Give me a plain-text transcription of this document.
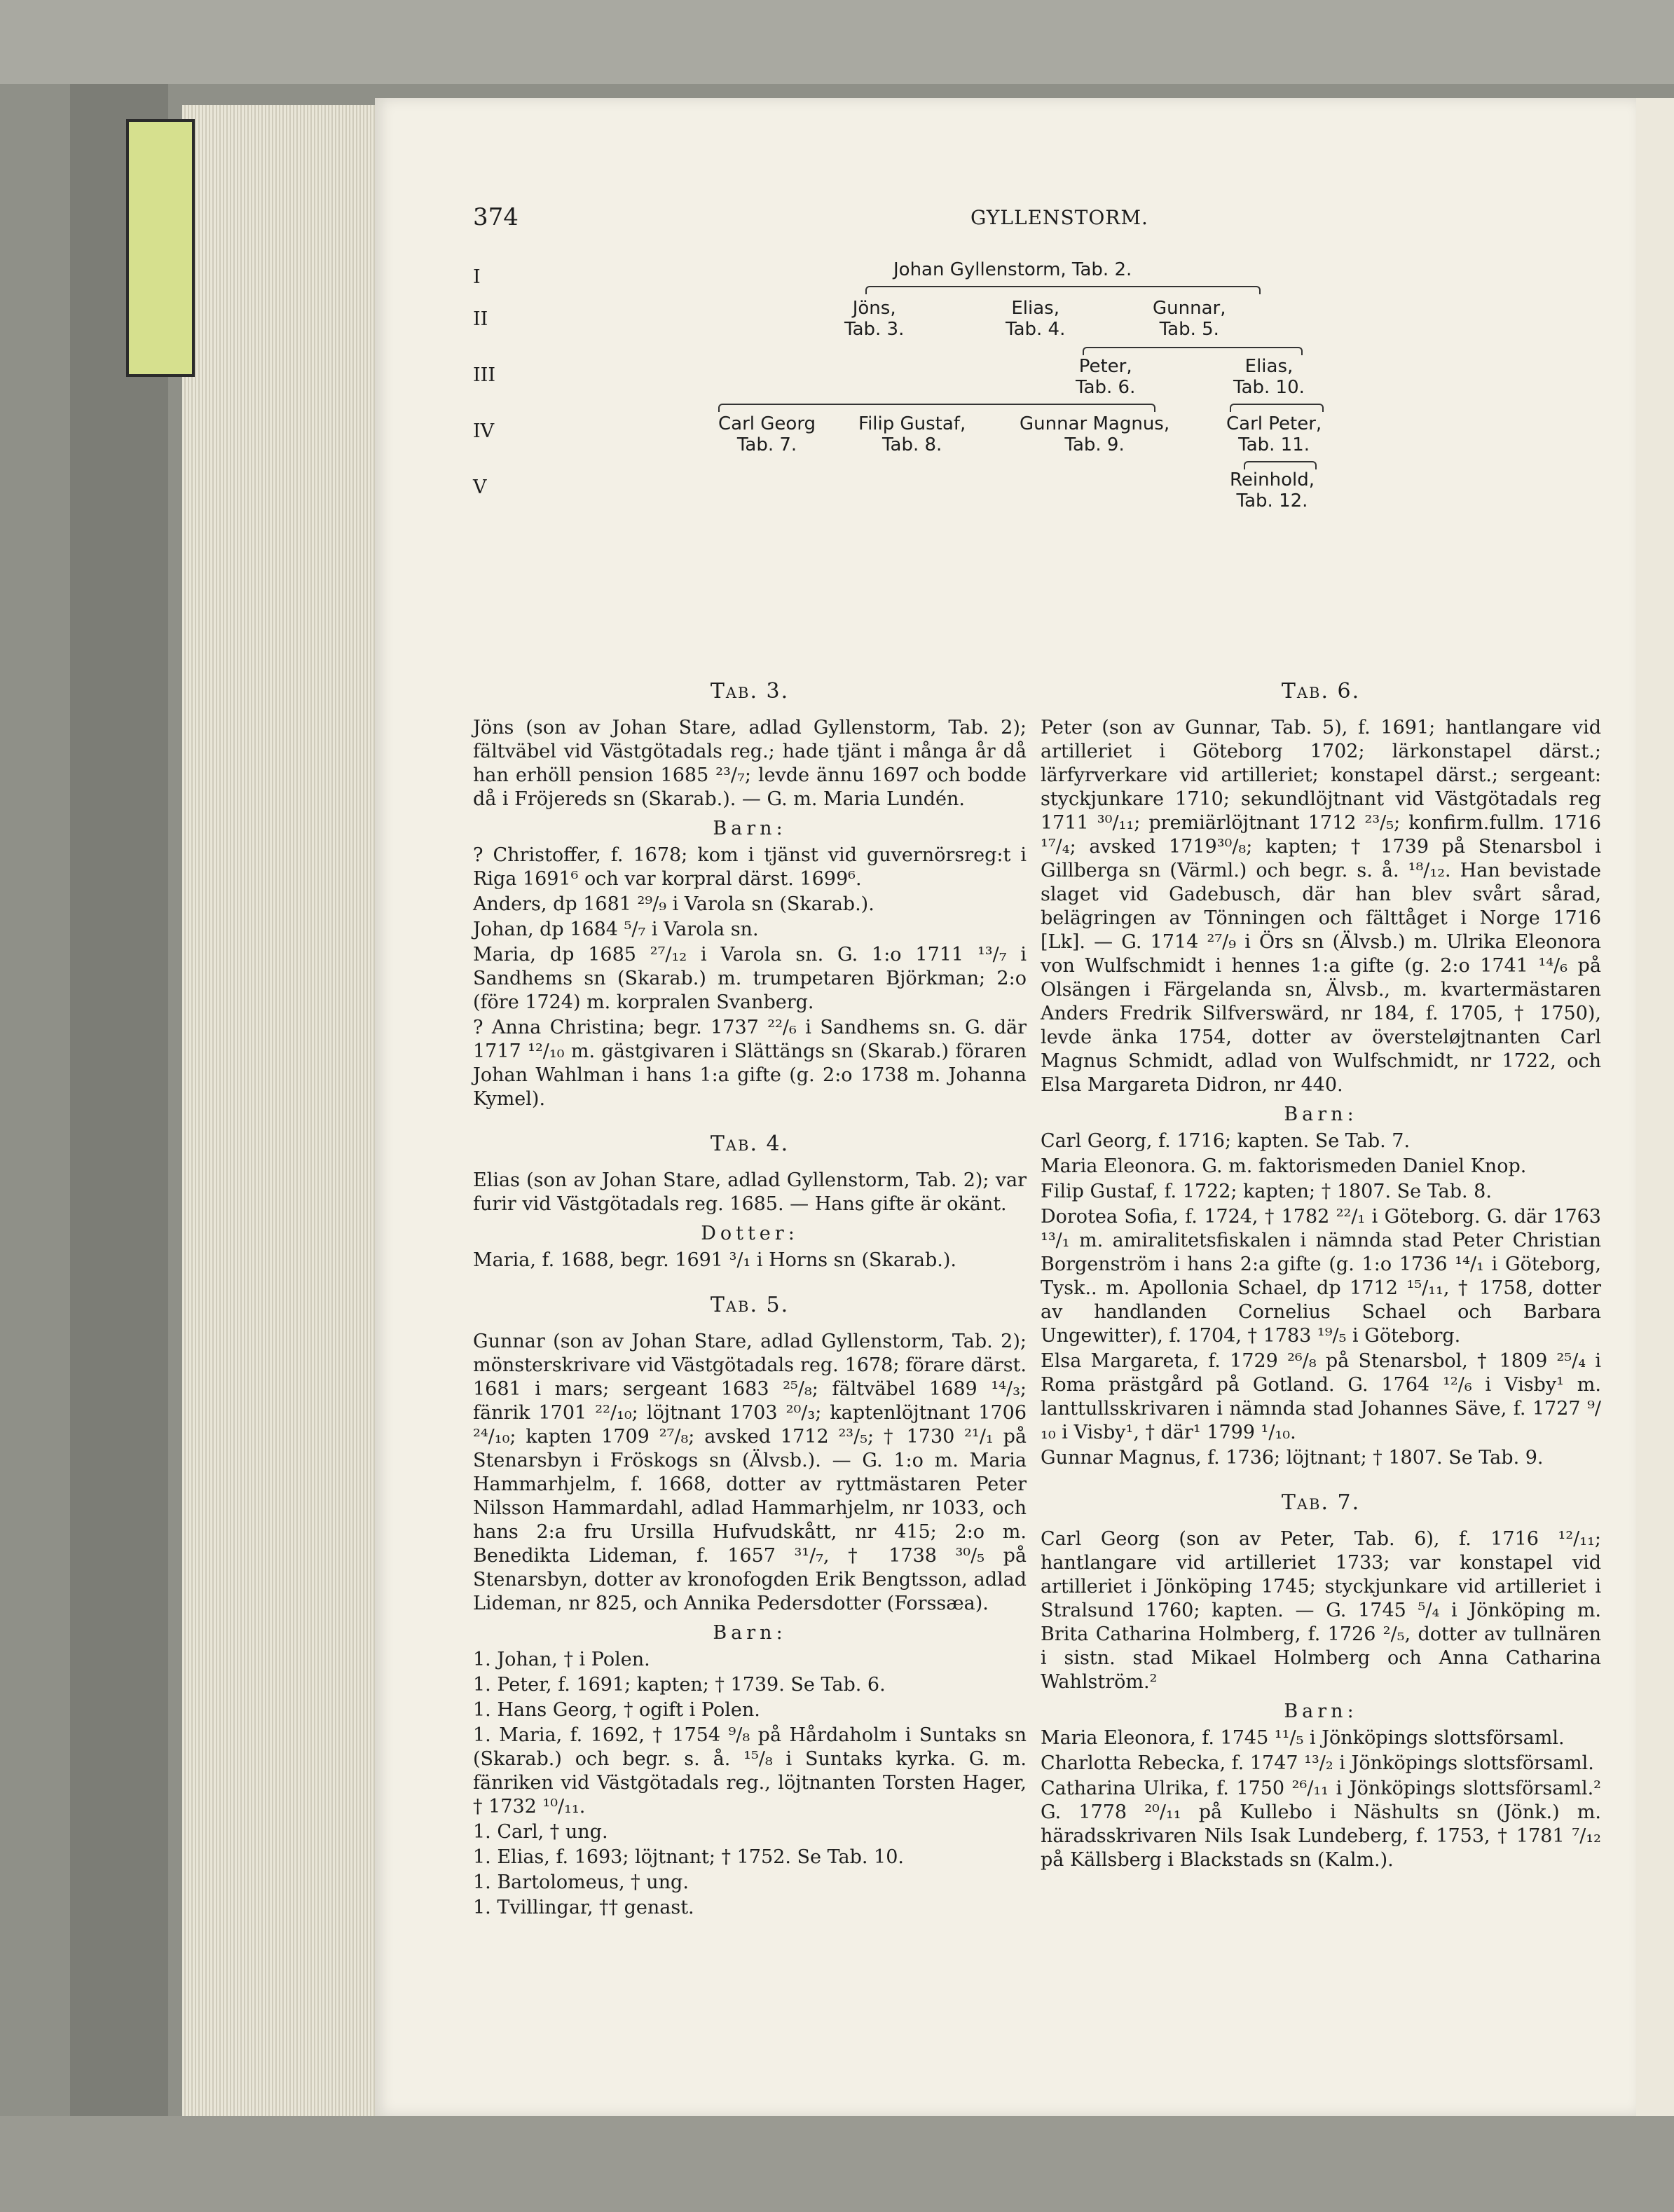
374	GYLLENSTORM.
I
II
III
IV
V
Johan Gyllenstorm, Tab. 2.
Jöns,
Tab. 3.
Elias,
Tab. 4.
Gunnar,
Tab. 5.
Peter,
Tab. 6.
Elias,
Tab. 10.
Carl Georg
Tab. 7.
Filip Gustaf,
Tab. 8.
Gunnar Magnus,
Tab. 9.
Carl Peter,
Tab. 11.
Reinhold,
Tab. 12.
Tab. 3.
Jöns (son av Johan Stare, adlad Gyllenstorm, Tab. 2); fältväbel vid Västgötadals reg.; hade tjänt i många år då han erhöll pension 1685 ²³/₇; levde ännu 1697 och bodde då i Fröjereds sn (Skarab.). — G. m. Maria Lundén.
Barn:
? Christoffer, f. 1678; kom i tjänst vid guvernörsreg:t i Riga 1691⁶ och var korpral därst. 1699⁶.
Anders, dp 1681 ²⁹/₉ i Varola sn (Skarab.).
Johan, dp 1684 ⁵/₇ i Varola sn.
Maria, dp 1685 ²⁷/₁₂ i Varola sn. G. 1:o 1711 ¹³/₇ i Sandhems sn (Skarab.) m. trumpetaren Björkman; 2:o (före 1724) m. korpralen Svanberg.
? Anna Christina; begr. 1737 ²²/₆ i Sandhems sn. G. där 1717 ¹²/₁₀ m. gästgivaren i Slättängs sn (Skarab.) föraren Johan Wahlman i hans 1:a gifte (g. 2:o 1738 m. Johanna Kymel).
Tab. 4.
Elias (son av Johan Stare, adlad Gyllenstorm, Tab. 2); var furir vid Västgötadals reg. 1685. — Hans gifte är okänt.
Dotter:
Maria, f. 1688, begr. 1691 ³/₁ i Horns sn (Skarab.).
Tab. 5.
Gunnar (son av Johan Stare, adlad Gyllenstorm, Tab. 2); mönsterskrivare vid Västgötadals reg. 1678; förare därst. 1681 i mars; sergeant 1683 ²⁵/₈; fältväbel 1689 ¹⁴/₃; fänrik 1701 ²²/₁₀; löjtnant 1703 ²⁰/₃; kaptenlöjtnant 1706 ²⁴/₁₀; kapten 1709 ²⁷/₈; avsked 1712 ²³/₅; † 1730 ²¹/₁ på Stenarsbyn i Fröskogs sn (Älvsb.). — G. 1:o m. Maria Hammarhjelm, f. 1668, dotter av ryttmästaren Peter Nilsson Hammardahl, adlad Hammarhjelm, nr 1033, och hans 2:a fru Ursilla Hufvudskått, nr 415; 2:o m. Benedikta Lideman, f. 1657 ³¹/₇, † 1738 ³⁰/₅ på Stenarsbyn, dotter av kronofogden Erik Bengtsson, adlad Lideman, nr 825, och Annika Pedersdotter (Forssæa).
Barn:
1. Johan, † i Polen.
1. Peter, f. 1691; kapten; † 1739. Se Tab. 6.
1. Hans Georg, † ogift i Polen.
1. Maria, f. 1692, † 1754 ⁹/₈ på Hårdaholm i Suntaks sn (Skarab.) och begr. s. å. ¹⁵/₈ i Suntaks kyrka. G. m. fänriken vid Västgötadals reg., löjtnanten Torsten Hager, † 1732 ¹⁰/₁₁.
1. Carl, † ung.
1. Elias, f. 1693; löjtnant; † 1752. Se Tab. 10.
1. Bartolomeus, † ung.
1. Tvillingar, †† genast.
Tab. 6.
Peter (son av Gunnar, Tab. 5), f. 1691; hantlangare vid artilleriet i Göteborg 1702; lärkonstapel därst.; lärfyrverkare vid artilleriet; konstapel därst.; sergeant: styckjunkare 1710; sekundlöjtnant vid Västgötadals reg 1711 ³⁰/₁₁; premiärlöjtnant 1712 ²³/₅; konfirm.fullm. 1716 ¹⁷/₄; avsked 1719³⁰/₈; kapten; † 1739 på Stenarsbol i Gillberga sn (Värml.) och begr. s. å. ¹⁸/₁₂. Han bevistade slaget vid Gadebusch, där han blev svårt sårad, belägringen av Tönningen och fälttåget i Norge 1716 [Lk]. — G. 1714 ²⁷/₉ i Örs sn (Älvsb.) m. Ulrika Eleonora von Wulfschmidt i hennes 1:a gifte (g. 2:o 1741 ¹⁴/₆ på Olsängen i Färgelanda sn, Älvsb., m. kvartermästaren Anders Fredrik Silfverswärd, nr 184, f. 1705, † 1750), levde änka 1754, dotter av översteløjtnanten Carl Magnus Schmidt, adlad von Wulfschmidt, nr 1722, och Elsa Margareta Didron, nr 440.
Barn:
Carl Georg, f. 1716; kapten. Se Tab. 7.
Maria Eleonora. G. m. faktorismeden Daniel Knop.
Filip Gustaf, f. 1722; kapten; † 1807. Se Tab. 8.
Dorotea Sofia, f. 1724, † 1782 ²²/₁ i Göteborg. G. där 1763 ¹³/₁ m. amiralitetsfiskalen i nämnda stad Peter Christian Borgenström i hans 2:a gifte (g. 1:o 1736 ¹⁴/₁ i Göteborg, Tysk.. m. Apollonia Schael, dp 1712 ¹⁵/₁₁, † 1758, dotter av handlanden Cornelius Schael och Barbara Ungewitter), f. 1704, † 1783 ¹⁹/₅ i Göteborg.
Elsa Margareta, f. 1729 ²⁶/₈ på Stenarsbol, † 1809 ²⁵/₄ i Roma prästgård på Gotland. G. 1764 ¹²/₆ i Visby¹ m. lanttullsskrivaren i nämnda stad Johannes Säve, f. 1727 ⁹/₁₀ i Visby¹, † där¹ 1799 ¹/₁₀.
Gunnar Magnus, f. 1736; löjtnant; † 1807. Se Tab. 9.
Tab. 7.
Carl Georg (son av Peter, Tab. 6), f. 1716 ¹²/₁₁; hantlangare vid artilleriet 1733; var konstapel vid artilleriet i Jönköping 1745; styckjunkare vid artilleriet i Stralsund 1760; kapten. — G. 1745 ⁵/₄ i Jönköping m. Brita Catharina Holmberg, f. 1726 ²/₅, dotter av tullnären i sistn. stad Mikael Holmberg och Anna Catharina Wahlström.²
Barn:
Maria Eleonora, f. 1745 ¹¹/₅ i Jönköpings slottsförsaml.
Charlotta Rebecka, f. 1747 ¹³/₂ i Jönköpings slottsförsaml.
Catharina Ulrika, f. 1750 ²⁶/₁₁ i Jönköpings slottsförsaml.² G. 1778 ²⁰/₁₁ på Kullebo i Näshults sn (Jönk.) m. häradsskrivaren Nils Isak Lundeberg, f. 1753, † 1781 ⁷/₁₂ på Källsberg i Blackstads sn (Kalm.).
